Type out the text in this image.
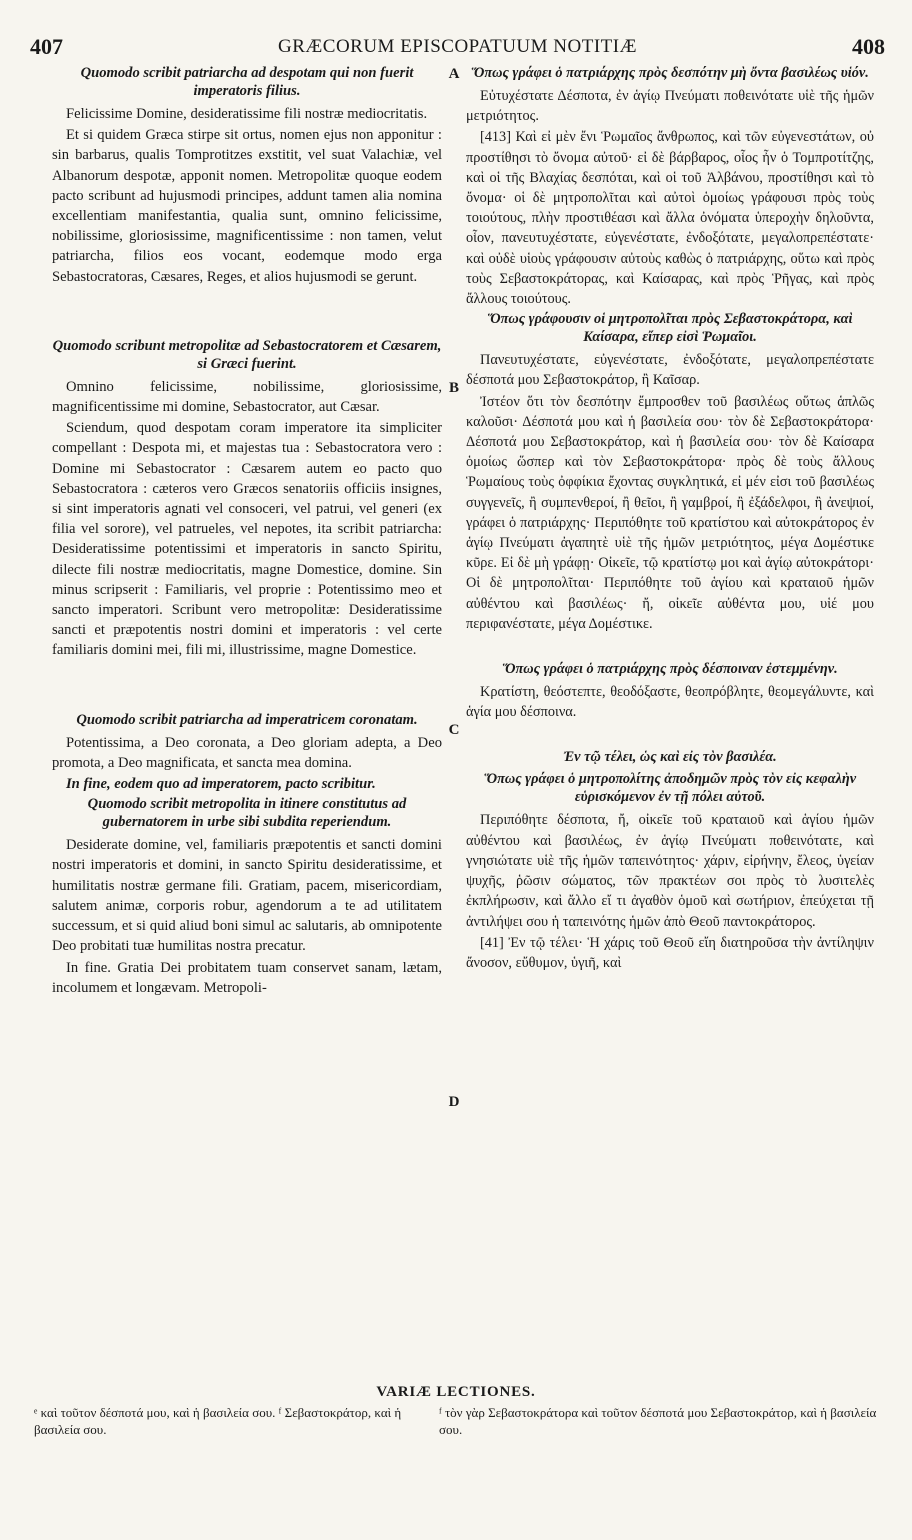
407	GRÆCORUM EPISCOPATUUM NOTITIÆ	408

Quomodo scribit patriarcha ad despotam qui non fuerit imperatoris filius.

Felicissime Domine, desideratissime fili nostræ mediocritatis.

Et si quidem Græca stirpe sit ortus, nomen ejus non apponitur : sin barbarus, qualis Tomprotitzes exstitit, vel suat Valachiæ, vel Albanorum despotæ, apponit nomen. Metropolitæ quoque eodem pacto scribunt ad hujusmodi principes, addunt tamen alia nomina excellentiam manifestantia, qualia sunt, omnino felicissime, nobilissime, gloriosissime, magnificentissime : non tamen, velut patriarcha, filios eos vocant, eodemque modo erga Sebastocratoras, Cæsares, Reges, et alios hujusmodi se gerunt.

Quomodo scribunt metropolitæ ad Sebastocratorem et Cæsarem, si Græci fuerint.

Omnino felicissime, nobilissime, gloriosissime, magnificentissime mi domine, Sebastocrator, aut Cæsar.

Sciendum, quod despotam coram imperatore ita simpliciter compellant : Despota mi, et majestas tua : Sebastocratora vero : Domine mi Sebastocrator : Cæsarem autem eo pacto quo Sebastocratora : cæteros vero Græcos senatoriis officiis insignes, si sint imperatoris agnati vel consoceri, vel patrui, vel generi (ex filia vel sorore), vel patrueles, vel nepotes, ita scribit patriarcha: Desideratissime potentissimi et imperatoris in sancto Spiritu, dilecte fili nostræ mediocritatis, magne Domestice, domine. Sin minus scripserit : Familiaris, vel proprie : Potentissimo meo et sancto imperatori. Scribunt vero metropolitæ: Desideratissime sancti et præpotentis nostri domini et imperatoris : vel certe familiaris domini mei, fili mi, illustrissime, magne Domestice.

Quomodo scribit patriarcha ad imperatricem coronatam.

Potentissima, a Deo coronata, a Deo gloriam adepta, a Deo promota, a Deo magnificata, et sancta mea domina.

In fine, eodem quo ad imperatorem, pacto scribitur.

Quomodo scribit metropolita in itinere constitutus ad gubernatorem in urbe sibi subdita reperiendum.

Desiderate domine, vel, familiaris præpotentis et sancti domini nostri imperatoris et domini, in sancto Spiritu desideratissime, et humilitatis nostræ germane fili. Gratiam, pacem, misericordiam, salutem animæ, corporis robur, agendorum a te ad utilitatem successum, et si quid aliud boni simul ac salutaris, ab omnipotente Deo probitati tuæ humilitas nostra precatur.

In fine. Gratia Dei probitatem tuam conservet sanam, lætam, incolumem et longævam. Metropoli-

A
B
C
D

Ὅπως γράφει ὁ πατριάρχης πρὸς δεσπότην μὴ ὄντα βασιλέως υἱόν.

Εὐτυχέστατε Δέσποτα, ἐν ἁγίῳ Πνεύματι ποθεινότατε υἱὲ τῆς ἡμῶν μετριότητος.

[413] Καὶ εἰ μὲν ἔνι Ῥωμαῖος ἄνθρωπος, καὶ τῶν εὐγενεστάτων, οὐ προστίθησι τὸ ὄνομα αὐτοῦ· εἰ δὲ βάρβαρος, οἷος ἦν ὁ Τομπροτίτζης, καὶ οἱ τῆς Βλαχίας δεσπόται, καὶ οἱ τοῦ Ἀλβάνου, προστίθησι καὶ τὸ ὄνομα· οἱ δὲ μητροπολῖται καὶ αὐτοὶ ὁμοίως γράφουσι πρὸς τοὺς τοιούτους, πλὴν προστιθέασι καὶ ἄλλα ὀνόματα ὑπεροχὴν δηλοῦντα, οἷον, πανευτυχέστατε, εὐγενέστατε, ἐνδοξότατε, μεγαλοπρεπέστατε· καὶ οὐδὲ υἱοὺς γράφουσιν αὐτοὺς καθὼς ὁ πατριάρχης, οὕτω καὶ πρὸς τοὺς Σεβαστοκράτορας, καὶ Καίσαρας, καὶ πρὸς Ῥῆγας, καὶ πρὸς ἄλλους τοιούτους.

Ὅπως γράφουσιν οἱ μητροπολῖται πρὸς Σεβαστοκράτορα, καὶ Καίσαρα, εἴπερ εἰσὶ Ῥωμαῖοι.

Πανευτυχέστατε, εὐγενέστατε, ἐνδοξότατε, μεγαλοπρεπέστατε δέσποτά μου Σεβαστοκράτορ, ἢ Καῖσαρ.

Ἰστέον ὅτι τὸν δεσπότην ἔμπροσθεν τοῦ βασιλέως οὕτως ἁπλῶς καλοῦσι· Δέσποτά μου καὶ ἡ βασιλεία σου· τὸν δὲ Σεβαστοκράτορα· Δέσποτά μου Σεβαστοκράτορ, καὶ ἡ βασιλεία σου· τὸν δὲ Καίσαρα ὁμοίως ὥσπερ καὶ τὸν Σεβαστοκράτορα· πρὸς δὲ τοὺς ἄλλους Ῥωμαίους τοὺς ὀφφίκια ἔχοντας συγκλητικά, εἰ μέν εἰσι τοῦ βασιλέως συγγενεῖς, ἢ συμπενθεροί, ἢ θεῖοι, ἢ γαμβροί, ἢ ἐξάδελφοι, ἢ ἀνεψιοί, γράφει ὁ πατριάρχης· Περιπόθητε τοῦ κρατίστου καὶ αὐτοκράτορος ἐν ἁγίῳ Πνεύματι ἀγαπητὲ υἱὲ τῆς ἡμῶν μετριότητος, μέγα Δομέστικε κῦρε. Εἰ δὲ μὴ γράφῃ· Οἰκεῖε, τῷ κρατίστῳ μοι καὶ ἁγίῳ αὐτοκράτορι· Οἱ δὲ μητροπολῖται· Περιπόθητε τοῦ ἁγίου καὶ κραταιοῦ ἡμῶν αὐθέντου καὶ βασιλέως· ἤ, οἰκεῖε αὐθέντα μου, υἱέ μου περιφανέστατε, μέγα Δομέστικε.

Ὅπως γράφει ὁ πατριάρχης πρὸς δέσποιναν ἐστεμμένην.

Κρατίστη, θεόστεπτε, θεοδόξαστε, θεοπρόβλητε, θεομεγάλυντε, καὶ ἁγία μου δέσποινα.

Ἐν τῷ τέλει, ὡς καὶ εἰς τὸν βασιλέα.

Ὅπως γράφει ὁ μητροπολίτης ἀποδημῶν πρὸς τὸν εἰς κεφαλὴν εὑρισκόμενον ἐν τῇ πόλει αὐτοῦ.

Περιπόθητε δέσποτα, ἤ, οἰκεῖε τοῦ κραταιοῦ καὶ ἁγίου ἡμῶν αὐθέντου καὶ βασιλέως, ἐν ἁγίῳ Πνεύματι ποθεινότατε, καὶ γνησιώτατε υἱὲ τῆς ἡμῶν ταπεινότητος· χάριν, εἰρήνην, ἔλεος, ὑγείαν ψυχῆς, ῥῶσιν σώματος, τῶν πρακτέων σοι πρὸς τὸ λυσιτελὲς ἐκπλήρωσιν, καὶ ἄλλο εἴ τι ἀγαθὸν ὁμοῦ καὶ σωτήριον, ἐπεύχεται τῇ ἀντιλήψει σου ἡ ταπεινότης ἡμῶν ἀπὸ Θεοῦ παντοκράτορος.

[41] Ἐν τῷ τέλει· Ἡ χάρις τοῦ Θεοῦ εἴη διατηροῦσα τὴν ἀντίληψιν ἄνοσον, εὔθυμον, ὑγιῆ, καὶ

VARIÆ LECTIONES.
ᵉ καὶ τοῦτον δέσποτά μου, καὶ ἡ βασιλεία σου. ᶠ Σεβαστοκράτορ, καὶ ἡ βασιλεία σου.
ᶠ τὸν γὰρ Σεβαστοκράτορα καὶ τοῦτον δέσποτά μου Σεβαστοκράτορ, καὶ ἡ βασιλεία σου.
